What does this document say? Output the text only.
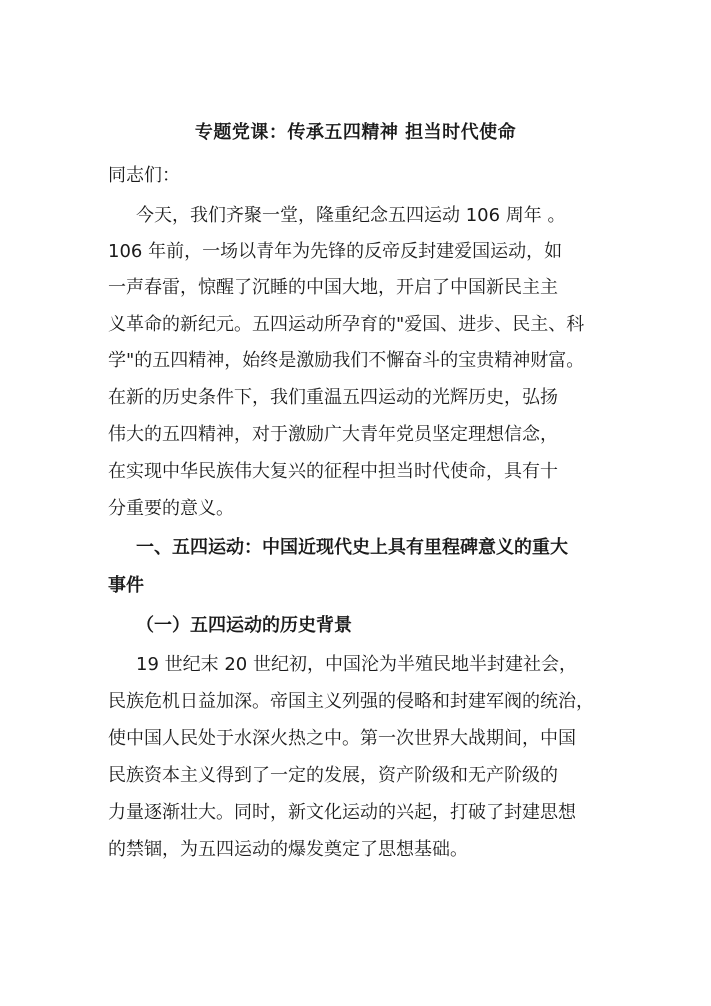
专题党课：传承五四精神 担当时代使命
同志们：
今天，我们齐聚一堂，隆重纪念五四运动 106 周年 。
106 年前，一场以青年为先锋的反帝反封建爱国运动，如
一声春雷，惊醒了沉睡的中国大地，开启了中国新民主主
义革命的新纪元。五四运动所孕育的"爱国、进步、民主、科
学"的五四精神，始终是激励我们不懈奋斗的宝贵精神财富。
在新的历史条件下，我们重温五四运动的光辉历史，弘扬
伟大的五四精神，对于激励广大青年党员坚定理想信念，
在实现中华民族伟大复兴的征程中担当时代使命，具有十
分重要的意义。
一、五四运动：中国近现代史上具有里程碑意义的重大
事件
（一）五四运动的历史背景
19 世纪末 20 世纪初，中国沦为半殖民地半封建社会，
民族危机日益加深。帝国主义列强的侵略和封建军阀的统治，
使中国人民处于水深火热之中。第一次世界大战期间，中国
民族资本主义得到了一定的发展，资产阶级和无产阶级的
力量逐渐壮大。同时，新文化运动的兴起，打破了封建思想
的禁锢，为五四运动的爆发奠定了思想基础。
